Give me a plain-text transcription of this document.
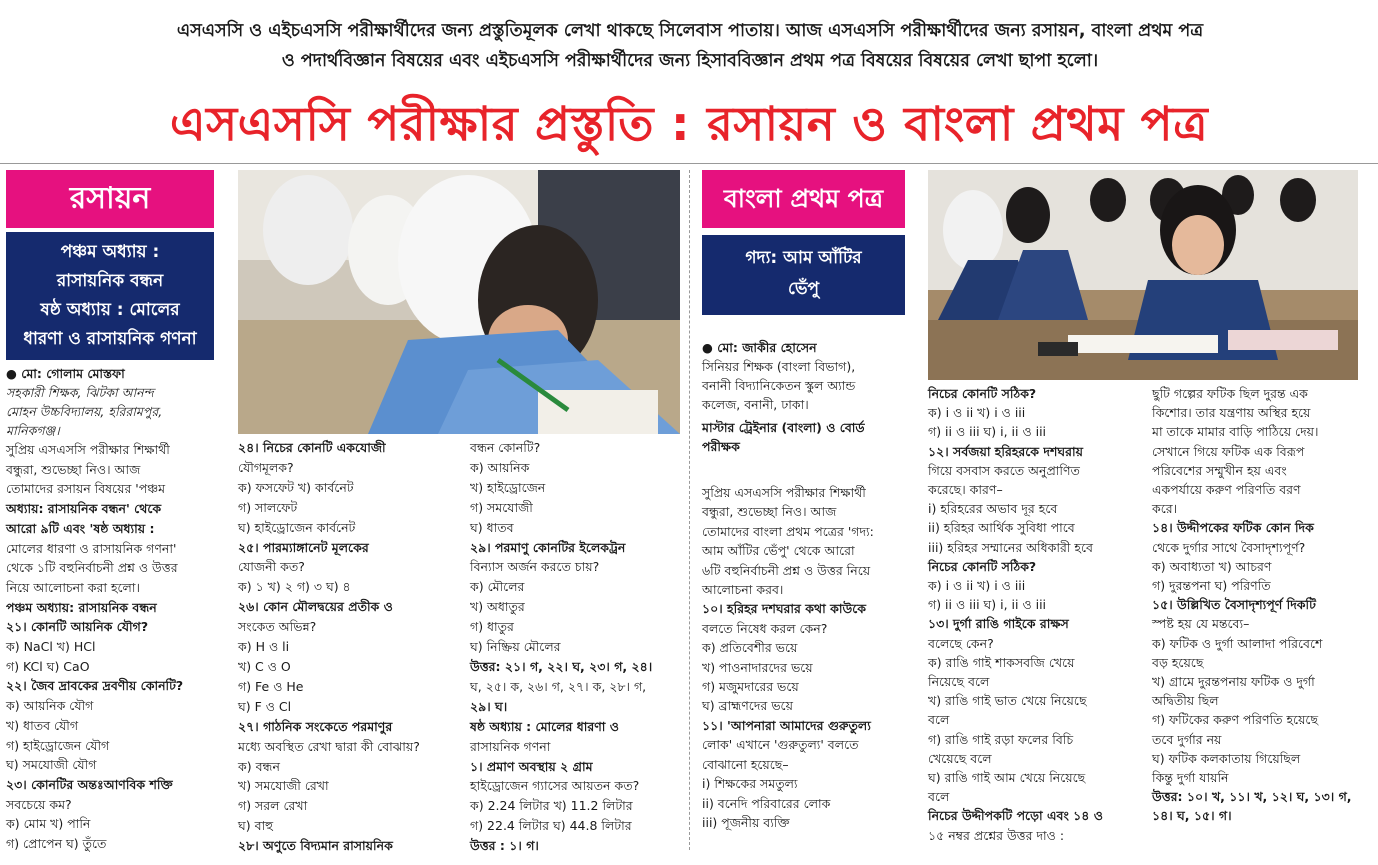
এসএসসি ও এইচএসসি পরীক্ষার্থীদের জন্য প্রস্তুতিমূলক লেখা থাকছে সিলেবাস পাতায়। আজ এসএসসি পরীক্ষার্থীদের জন্য রসায়ন, বাংলা প্রথম পত্র
ও পদার্থবিজ্ঞান বিষয়ের এবং এইচএসসি পরীক্ষার্থীদের জন্য হিসাববিজ্ঞান প্রথম পত্র বিষয়ের বিষয়ের লেখা ছাপা হলো।
এসএসসি পরীক্ষার প্রস্তুতি : রসায়ন ও বাংলা প্রথম পত্র
রসায়ন
পঞ্চম অধ্যায় :
রাসায়নিক বন্ধন
ষষ্ঠ অধ্যায় : মোলের
ধারণা ও রাসায়নিক গণনা

● মো: গোলাম মোস্তফা

সহকারী শিক্ষক, ঝিটকা আনন্দ

মোহন উচ্চবিদ্যালয়, হরিরামপুর,

মানিকগঞ্জ।

সুপ্রিয় এসএসসি পরীক্ষার শিক্ষার্থী

বন্ধুরা, শুভেচ্ছা নিও। আজ

তোমাদের রসায়ন বিষয়ের 'পঞ্চম

অধ্যায়: রাসায়নিক বন্ধন' থেকে

আরো ৯টি এবং 'ষষ্ঠ অধ্যায় :

মোলের ধারণা ও রাসায়নিক গণনা'

থেকে ১টি বহুনির্বাচনী প্রশ্ন ও উত্তর

নিয়ে আলোচনা করা হলো।

পঞ্চম অধ্যায়: রাসায়নিক বন্ধন

২১। কোনটি আয়নিক যৌগ?

ক) NaCl খ) HCl

গ) KCl ঘ) CaO

২২। জৈব দ্রাবকের দ্রবণীয় কোনটি?

ক) আয়নিক যৌগ

খ) ধাতব যৌগ

গ) হাইড্রোজেন যৌগ

ঘ) সমযোজী যৌগ

২৩। কোনটির অন্তঃআণবিক শক্তি

সবচেয়ে কম?

ক) মোম খ) পানি

গ) প্রোপেন ঘ) তুঁতে

২৪। নিচের কোনটি একযোজী

যৌগমূলক?

ক) ফসফেট খ) কার্বনেট

গ) সালফেট

ঘ) হাইড্রোজেন কার্বনেট

২৫। পারম্যাঙ্গানেট মূলকের

যোজনী কত?

ক) ১ খ) ২ গ) ৩ ঘ) ৪

২৬। কোন মৌলদ্বয়ের প্রতীক ও

সংকেত অভিন্ন?

ক) H ও li

খ) C ও O

গ) Fe ও He

ঘ) F ও Cl

২৭। গাঠনিক সংকেতে পরমাণুর

মধ্যে অবস্থিত রেখা দ্বারা কী বোঝায়?

ক) বন্ধন

খ) সমযোজী রেখা

গ) সরল রেখা

ঘ) বাহু

২৮। অণুতে বিদ্যমান রাসায়নিক

বন্ধন কোনটি?

ক) আয়নিক

খ) হাইড্রোজেন

গ) সমযোজী

ঘ) ধাতব

২৯। পরমাণু কোনটির ইলেকট্রন

বিন্যাস অর্জন করতে চায়?

ক) মৌলের

খ) অধাতুর

গ) ধাতুর

ঘ) নিষ্ক্রিয় মৌলের

উত্তর: ২১। গ, ২২। ঘ, ২৩। গ, ২৪।

ঘ, ২৫। ক, ২৬। গ, ২৭। ক, ২৮। গ,

২৯। ঘ।

ষষ্ঠ অধ্যায় : মোলের ধারণা ও

রাসায়নিক গণনা

১। প্রমাণ অবস্থায় ২ গ্রাম

হাইড্রোজেন গ্যাসের আয়তন কত?

ক) 2.24 লিটার খ) 11.2 লিটার

গ) 22.4 লিটার ঘ) 44.8 লিটার

উত্তর : ১। গ।

বাংলা প্রথম পত্র
গদ্য: আম আঁটির
ভেঁপু

● মো: জাকীর হোসেন

সিনিয়র শিক্ষক (বাংলা বিভাগ),

বনানী বিদ্যানিকেতন স্কুল অ্যান্ড

কলেজ, বনানী, ঢাকা।

মাস্টার ট্রেইনার (বাংলা) ও বোর্ড

পরীক্ষক

সুপ্রিয় এসএসসি পরীক্ষার শিক্ষার্থী

বন্ধুরা, শুভেচ্ছা নিও। আজ

তোমাদের বাংলা প্রথম পত্রের 'গদ্য:

আম আঁটির ভেঁপু' থেকে আরো

৬টি বহুনির্বাচনী প্রশ্ন ও উত্তর নিয়ে

আলোচনা করব।

১০। হরিহর দশঘরার কথা কাউকে

বলতে নিষেধ করল কেন?

ক) প্রতিবেশীর ভয়ে

খ) পাওনাদারদের ভয়ে

গ) মজুমদারের ভয়ে

ঘ) ব্রাহ্মণদের ভয়ে

১১। 'আপনারা আমাদের গুরুতুল্য

লোক' এখানে 'গুরুতুল্য' বলতে

বোঝানো হয়েছে–

i) শিক্ষকের সমতুল্য

ii) বনেদি পরিবারের লোক

iii) পূজনীয় ব্যক্তি

নিচের কোনটি সঠিক?

ক) i ও ii খ) i ও iii

গ) ii ও iii ঘ) i, ii ও iii

১২। সর্বজয়া হরিহরকে দশঘরায়

গিয়ে বসবাস করতে অনুপ্রাণিত

করেছে। কারণ–

i) হরিহরের অভাব দূর হবে

ii) হরিহর আর্থিক সুবিধা পাবে

iii) হরিহর সম্মানের অধিকারী হবে

নিচের কোনটি সঠিক?

ক) i ও ii খ) i ও iii

গ) ii ও iii ঘ) i, ii ও iii

১৩। দুর্গা রাঙি গাইকে রাক্ষস

বলেছে কেন?

ক) রাঙি গাই শাকসবজি খেয়ে

নিয়েছে বলে

খ) রাঙি গাই ভাত খেয়ে নিয়েছে

বলে

গ) রাঙি গাই রড়া ফলের বিচি

খেয়েছে বলে

ঘ) রাঙি গাই আম খেয়ে নিয়েছে

বলে

নিচের উদ্দীপকটি পড়ো এবং ১৪ ও

১৫ নম্বর প্রশ্নের উত্তর দাও :

ছুটি গল্পের ফটিক ছিল দুরন্ত এক

কিশোর। তার যন্ত্রণায় অস্থির হয়ে

মা তাকে মামার বাড়ি পাঠিয়ে দেয়।

সেখানে গিয়ে ফটিক এক বিরূপ

পরিবেশের সম্মুখীন হয় এবং

একপর্যায়ে করুণ পরিণতি বরণ

করে।

১৪। উদ্দীপকের ফটিক কোন দিক

থেকে দুর্গার সাথে বৈসাদৃশ্যপূর্ণ?

ক) অবাধ্যতা খ) আচরণ

গ) দুরন্তপনা ঘ) পরিণতি

১৫। উল্লিখিত বৈসাদৃশ্যপূর্ণ দিকটি

স্পষ্ট হয় যে মন্তব্যে–

ক) ফটিক ও দুর্গা আলাদা পরিবেশে

বড় হয়েছে

খ) গ্রামে দুরন্তপনায় ফটিক ও দুর্গা

অদ্বিতীয় ছিল

গ) ফটিকের করুণ পরিণতি হয়েছে

তবে দুর্গার নয়

ঘ) ফটিক কলকাতায় গিয়েছিল

কিন্তু দুর্গা যায়নি

উত্তর: ১০। খ, ১১। খ, ১২। ঘ, ১৩। গ,

১৪। ঘ, ১৫। গ।
